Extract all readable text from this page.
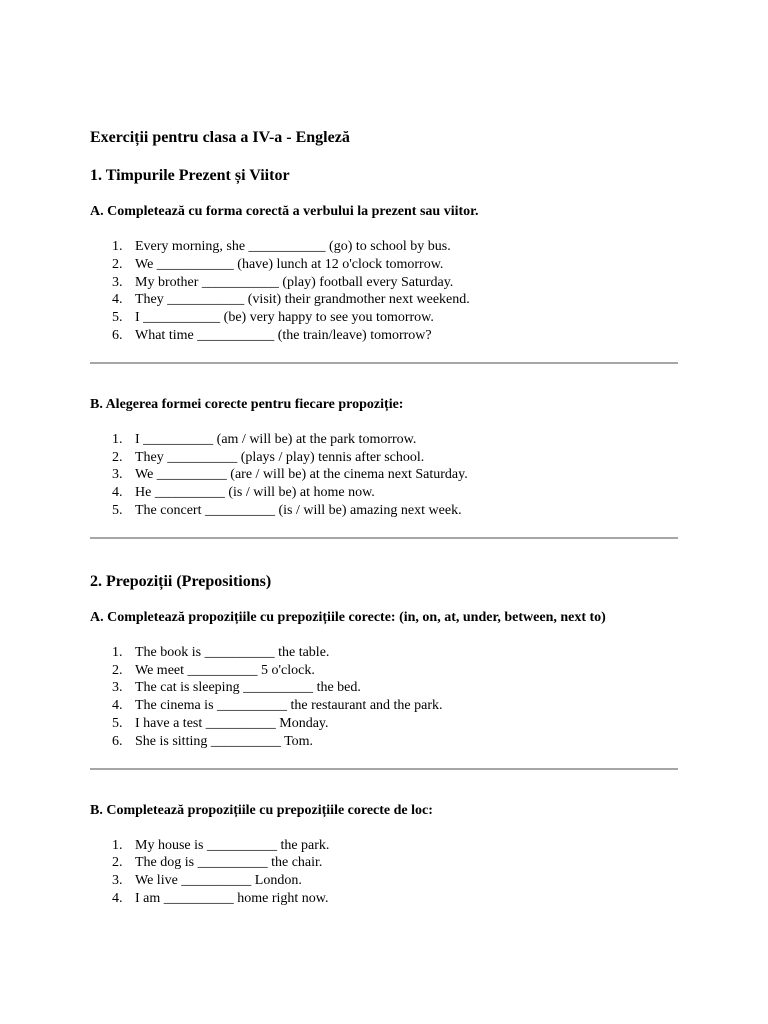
Exerciții pentru clasa a IV-a - Engleză
1. Timpurile Prezent și Viitor
A. Completează cu forma corectă a verbului la prezent sau viitor.
1. Every morning, she ___________ (go) to school by bus.
2. We ___________ (have) lunch at 12 o'clock tomorrow.
3. My brother ___________ (play) football every Saturday.
4. They ___________ (visit) their grandmother next weekend.
5. I ___________ (be) very happy to see you tomorrow.
6. What time ___________ (the train/leave) tomorrow?
B. Alegerea formei corecte pentru fiecare propoziție:
1. I __________ (am / will be) at the park tomorrow.
2. They __________ (plays / play) tennis after school.
3. We __________ (are / will be) at the cinema next Saturday.
4. He __________ (is / will be) at home now.
5. The concert __________ (is / will be) amazing next week.
2. Prepoziții (Prepositions)
A. Completează propozițiile cu prepozițiile corecte: (in, on, at, under, between, next to)
1. The book is __________ the table.
2. We meet __________ 5 o'clock.
3. The cat is sleeping __________ the bed.
4. The cinema is __________ the restaurant and the park.
5. I have a test __________ Monday.
6. She is sitting __________ Tom.
B. Completează propozițiile cu prepozițiile corecte de loc:
1. My house is __________ the park.
2. The dog is __________ the chair.
3. We live __________ London.
4. I am __________ home right now.
